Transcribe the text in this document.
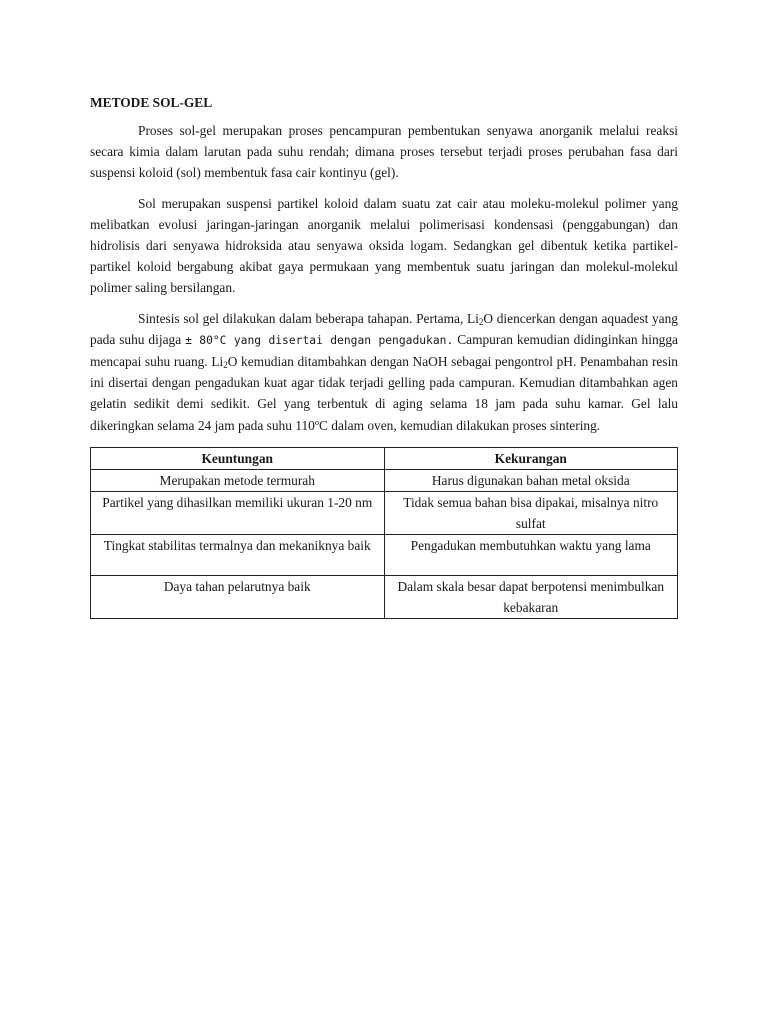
METODE SOL-GEL

Proses sol-gel merupakan proses pencampuran pembentukan senyawa anorganik melalui reaksi secara kimia dalam larutan pada suhu rendah; dimana proses tersebut terjadi proses perubahan fasa dari suspensi koloid (sol) membentuk fasa cair kontinyu (gel).

Sol merupakan suspensi partikel koloid dalam suatu zat cair atau moleku-molekul polimer yang melibatkan evolusi jaringan-jaringan anorganik melalui polimerisasi kondensasi (penggabungan) dan hidrolisis dari senyawa hidroksida atau senyawa oksida logam. Sedangkan gel dibentuk ketika partikel-partikel koloid bergabung akibat gaya permukaan yang membentuk suatu jaringan dan molekul-molekul polimer saling bersilangan.

Sintesis sol gel dilakukan dalam beberapa tahapan. Pertama, $Li_2O$ diencerkan dengan aquadest yang pada suhu dijaga ± 80°C yang disertai dengan pengadukan. Campuran kemudian didinginkan hingga mencapai suhu ruang. $Li_2O$ kemudian ditambahkan dengan NaOH sebagai pengontrol pH. Penambahan resin ini disertai dengan pengadukan kuat agar tidak terjadi gelling pada campuran. Kemudian ditambahkan agen gelatin sedikit demi sedikit. Gel yang terbentuk di aging selama 18 jam pada suhu kamar. Gel lalu dikeringkan selama 24 jam pada suhu 110ºC dalam oven, kemudian dilakukan proses sintering.

Keuntungan	Kekurangan
Merupakan metode termurah	Harus digunakan bahan metal oksida
Partikel yang dihasilkan memiliki ukuran 1-20 nm	Tidak semua bahan bisa dipakai, misalnya nitro sulfat
Tingkat stabilitas termalnya dan mekaniknya baik	Pengadukan membutuhkan waktu yang lama
Daya tahan pelarutnya baik	Dalam skala besar dapat berpotensi menimbulkan kebakaran
